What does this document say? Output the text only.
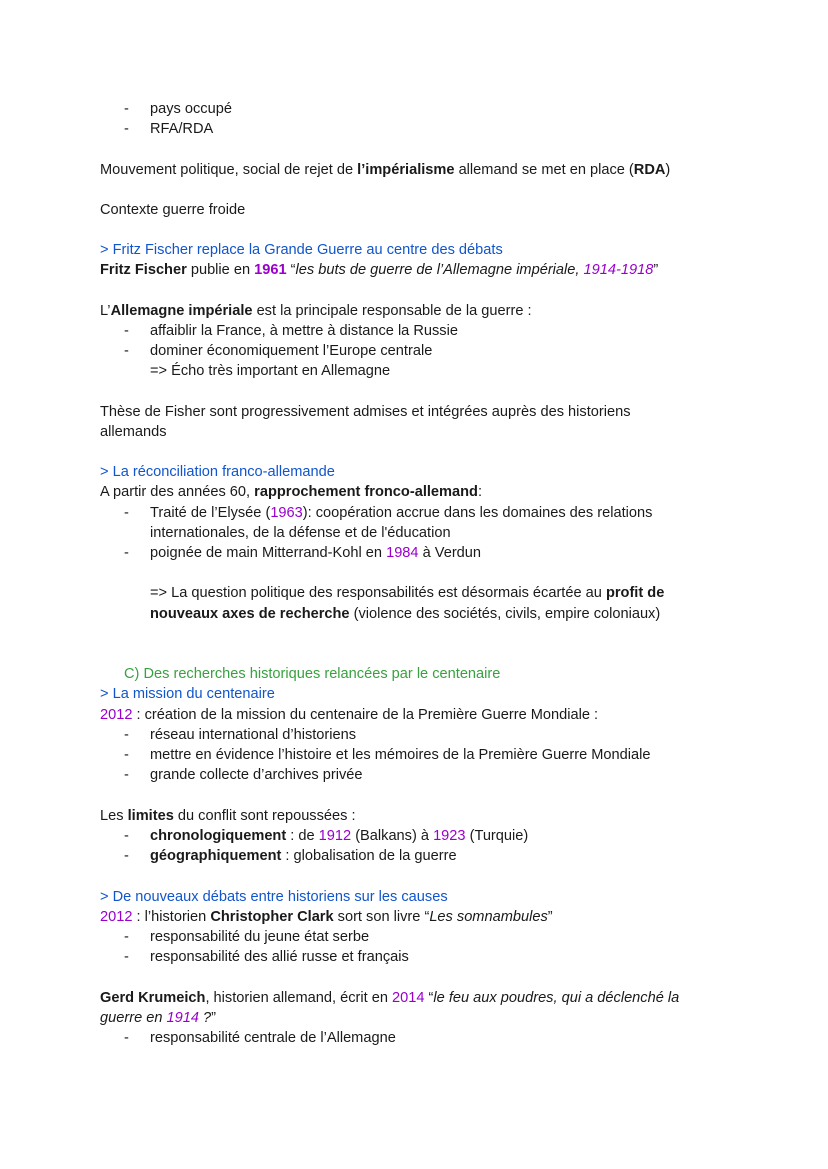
- pays occupé
- RFA/RDA
Mouvement politique, social de rejet de l’impérialisme allemand se met en place (RDA)
Contexte guerre froide
> Fritz Fischer replace la Grande Guerre au centre des débats
Fritz Fischer publie en 1961 “les buts de guerre de l’Allemagne impériale, 1914-1918”
L’Allemagne impériale est la principale responsable de la guerre :
- affaiblir la France, à mettre à distance la Russie
- dominer économiquement l’Europe centrale
=> Écho très important en Allemagne
Thèse de Fisher sont progressivement admises et intégrées auprès des historiens
allemands
> La réconciliation franco-allemande
A partir des années 60, rapprochement fronco-allemand:
- Traité de l’Elysée (1963): coopération accrue dans les domaines des relations
internationales, de la défense et de l'éducation
- poignée de main Mitterrand-Kohl en 1984 à Verdun
=> La question politique des responsabilités est désormais écartée au profit de
nouveaux axes de recherche (violence des sociétés, civils, empire coloniaux)
C) Des recherches historiques relancées par le centenaire
> La mission du centenaire
2012 : création de la mission du centenaire de la Première Guerre Mondiale :
- réseau international d’historiens
- mettre en évidence l’histoire et les mémoires de la Première Guerre Mondiale
- grande collecte d’archives privée
Les limites du conflit sont repoussées :
- chronologiquement : de 1912 (Balkans) à 1923 (Turquie)
- géographiquement : globalisation de la guerre
> De nouveaux débats entre historiens sur les causes
2012 : l’historien Christopher Clark sort son livre “Les somnambules”
- responsabilité du jeune état serbe
- responsabilité des allié russe et français
Gerd Krumeich, historien allemand, écrit en 2014 “le feu aux poudres, qui a déclenché la
guerre en 1914 ?”
- responsabilité centrale de l’Allemagne
